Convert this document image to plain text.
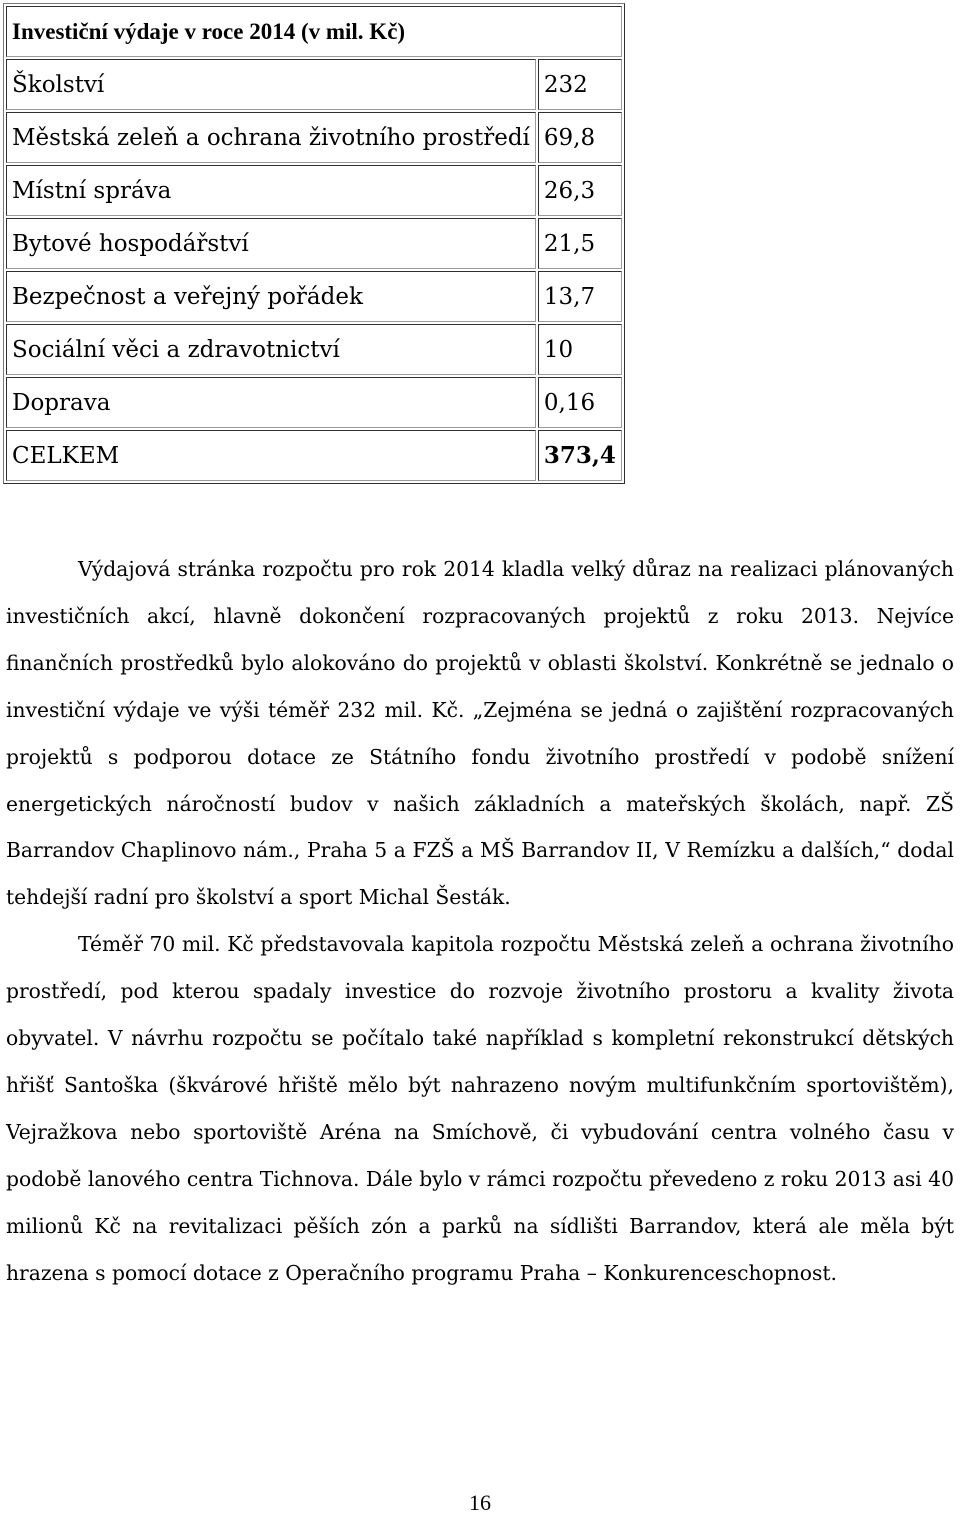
Investiční výdaje v roce 2014 (v mil. Kč)	
Školství	232
Městská zeleň a ochrana životního prostředí	69,8
Místní správa	26,3
Bytové hospodářství	21,5
Bezpečnost a veřejný pořádek	13,7
Sociální věci a zdravotnictví	10
Doprava	0,16
CELKEM	373,4

Výdajová stránka rozpočtu pro rok 2014 kladla velký důraz na realizaci plánovaných investičních akcí, hlavně dokončení rozpracovaných projektů z roku 2013. Nejvíce finančních prostředků bylo alokováno do projektů v oblasti školství. Konkrétně se jednalo o investiční výdaje ve výši téměř 232 mil. Kč. „Zejména se jedná o zajištění rozpracovaných projektů s podporou dotace ze Státního fondu životního prostředí v podobě snížení energetických náročností budov v našich základních a mateřských školách, např. ZŠ Barrandov Chaplinovo nám., Praha 5 a FZŠ a MŠ Barrandov II, V Remízku a dalších,“ dodal tehdejší radní pro školství a sport Michal Šesták.

Téměř 70 mil. Kč představovala kapitola rozpočtu Městská zeleň a ochrana životního prostředí, pod kterou spadaly investice do rozvoje životního prostoru a kvality života obyvatel. V návrhu rozpočtu se počítalo také například s kompletní rekonstrukcí dětských hřišť Santoška (škvárové hřiště mělo být nahrazeno novým multifunkčním sportovištěm), Vejražkova nebo sportoviště Aréna na Smíchově, či vybudování centra volného času v podobě lanového centra Tichnova. Dále bylo v rámci rozpočtu převedeno z roku 2013 asi 40 milionů Kč na revitalizaci pěších zón a parků na sídlišti Barrandov, která ale měla být hrazena s pomocí dotace z Operačního programu Praha – Konkurenceschopnost.

16
